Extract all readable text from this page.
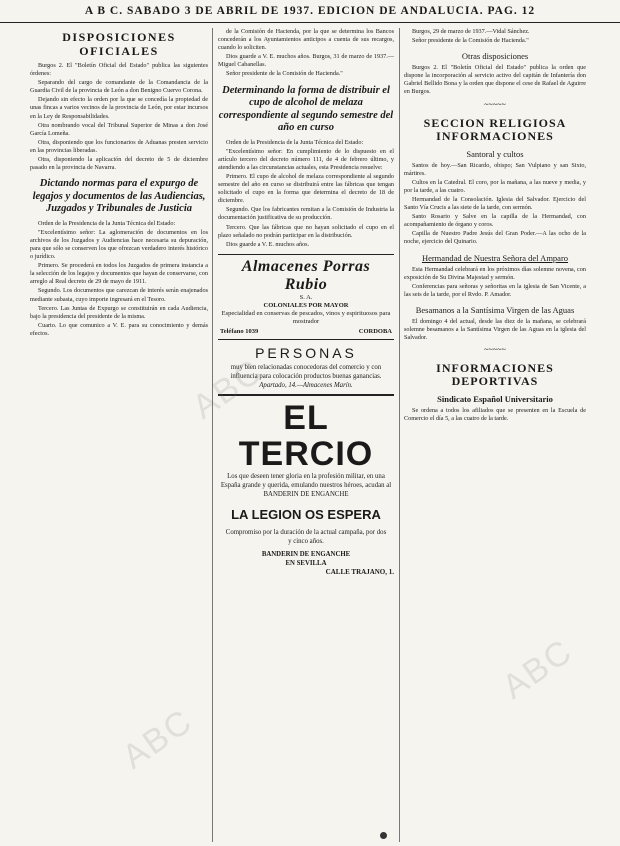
A B C. SABADO 3 DE ABRIL DE 1937. EDICION DE ANDALUCIA. PAG. 12
DISPOSICIONES OFICIALES

Burgos 2. El "Boletín Oficial del Estado" publica las siguientes órdenes:

Separando del cargo de comandante de la Comandancia de la Guardia Civil de la provincia de León a don Benigno Cuervo Corona.

Dejando sin efecto la orden por la que se concedía la propiedad de unas fincas a varios vecinos de la provincia de León, por estar incursos en la Ley de Responsabilidades.

Otra nombrando vocal del Tribunal Superior de Minas a don José García Lomeña.

Otra, disponiendo que los funcionarios de Aduanas presten servicio en las provincias liberadas.

Otra, disponiendo la aplicación del decreto de 5 de diciembre pasado en la provincia de Navarra.

Dictando normas para el expurgo de legajos y documentos de las Audiencias, Juzgados y Tribunales de Justicia

Orden de la Presidencia de la Junta Técnica del Estado:

"Excelentísimo señor: La aglomeración de documentos en los archivos de los Juzgados y Audiencias hace necesaria su depuración, para que sólo se conserven los que ofrezcan verdadero interés histórico o jurídico.

Primero. Se procederá en todos los Juzgados de primera instancia a la selección de los legajos y documentos que hayan de conservarse, con arreglo al Real decreto de 29 de mayo de 1911.

Segundo. Los documentos que carezcan de interés serán enajenados mediante subasta, cuyo importe ingresará en el Tesoro.

Tercero. Las Juntas de Expurgo se constituirán en cada Audiencia, bajo la presidencia del presidente de la misma.

Cuarto. Lo que comunico a V. E. para su conocimiento y demás efectos.

de la Comisión de Hacienda, por la que se determina los Bancos concederán a los Ayuntamientos anticipos a cuenta de sus recargos, cuando lo soliciten.

Dios guarde a V. E. muchos años. Burgos, 31 de marzo de 1937.—Miguel Cabanellas.

Señor presidente de la Comisión de Hacienda."

Determinando la forma de distribuir el cupo de alcohol de melaza correspondiente al segundo semestre del año en curso

Orden de la Presidencia de la Junta Técnica del Estado:

"Excelentísimo señor: En cumplimiento de lo dispuesto en el artículo tercero del decreto número 111, de 4 de febrero último, y atendiendo a las circunstancias actuales, esta Presidencia resuelve:

Primero. El cupo de alcohol de melaza correspondiente al segundo semestre del año en curso se distribuirá entre las fábricas que tengan solicitado el cupo en la forma que determina el decreto de 18 de diciembre.

Segundo. Que los fabricantes remitan a la Comisión de Industria la documentación justificativa de su producción.

Tercero. Que las fábricas que no hayan solicitado el cupo en el plazo señalado no podrán participar en la distribución.

Dios guarde a V. E. muchos años.

Almacenes Porras Rubio
S. A.
COLONIALES POR MAYOR
Especialidad en conservas de pescados, vinos y espirituosos para mostrador
Teléfano 1039	CORDOBA
PERSONAS
muy bien relacionadas conocedoras del comercio y con influencia para colocación productos buenas ganancias.
Apartado, 14.—Almacenes Marín.
EL TERCIO
Los que deseen tener gloria en la profesión militar, en una España grande y querida, emulando nuestros héroes, acudan al BANDERIN DE ENGANCHE
LA LEGION OS ESPERA
Compromiso por la duración de la actual campaña, por dos
y cinco años.
BANDERIN DE ENGANCHE
EN SEVILLA
CALLE TRAJANO, 1.

Burgos, 29 de marzo de 1937.—Vidal Sánchez.

Señor presidente de la Comisión de Hacienda."

Otras disposiciones

Burgos 2. El "Boletín Oficial del Estado" publica la orden que dispone la incorporación al servicio activo del capitán de Infantería don Gabriel Bellido Bona y la orden que dispone el cese de Rafael de Aguirre en Burgos.

~~~~~
SECCION RELIGIOSA INFORMACIONES
Santoral y cultos

Santos de hoy.—San Ricardo, obispo; San Vulpiano y san Sixto, mártires.

Cultos en la Catedral. El coro, por la mañana, a las nueve y media, y por la tarde, a las cuatro.

Hermandad de la Consolación. Iglesia del Salvador. Ejercicio del Santo Vía Crucis a las siete de la tarde, con sermón.

Santo Rosario y Salve en la capilla de la Hermandad, con acompañamiento de órgano y coros.

Capilla de Nuestro Padre Jesús del Gran Poder.—A las ocho de la noche, ejercicio del Quinario.

Hermandad de Nuestra Señora del Amparo

Esta Hermandad celebrará en los próximos días solemne novena, con exposición de Su Divina Majestad y sermón.

Conferencias para señoras y señoritas en la iglesia de San Vicente, a las seis de la tarde, por el Rvdo. P. Amador.

Besamanos a la Santísima Virgen de las Aguas

El domingo 4 del actual, desde las diez de la mañana, se celebrará solemne besamanos a la Santísima Virgen de las Aguas en la iglesia del Salvador.

~~~~~
INFORMACIONES DEPORTIVAS
Sindicato Español Universitario

Se ordena a todos los afiliados que se presenten en la Escuela de Comercio el día 5, a las cuatro de la tarde.

ABC
ABC
ABC
